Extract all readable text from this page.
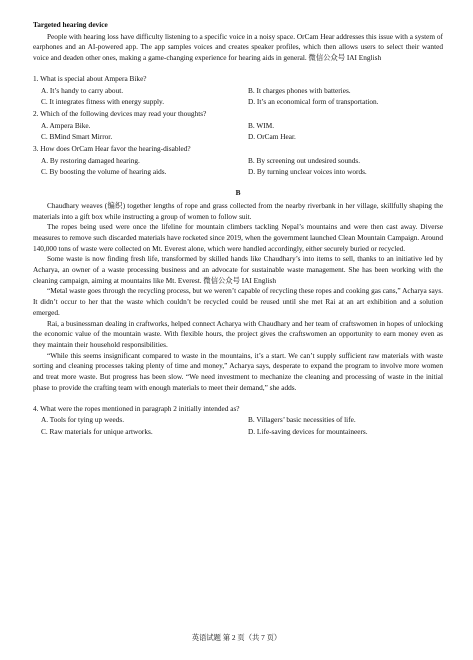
Targeted hearing device

People with hearing loss have difficulty listening to a specific voice in a noisy space. OrCam Hear addresses this issue with a system of earphones and an AI-powered app. The app samples voices and creates speaker profiles, which then allows users to select their wanted voice and deaden other ones, making a game-changing experience for hearing aids in general. 微信公众号 IAI English

1. What is special about Ampera Bike?
A. It’s handy to carry about.	B. It charges phones with batteries.
C. It integrates fitness with energy supply.	D. It’s an economical form of transportation.
2. Which of the following devices may read your thoughts?
A. Ampera Bike.	B. WIM.
C. BMind Smart Mirror.	D. OrCam Hear.
3. How does OrCam Hear favor the hearing-disabled?
A. By restoring damaged hearing.	B. By screening out undesired sounds.
C. By boosting the volume of hearing aids.	D. By turning unclear voices into words.
B

Chaudhary weaves (编织) together lengths of rope and grass collected from the nearby riverbank in her village, skillfully shaping the materials into a gift box while instructing a group of women to follow suit.

The ropes being used were once the lifeline for mountain climbers tackling Nepal’s mountains and were then cast away. Diverse measures to remove such discarded materials have rocketed since 2019, when the government launched Clean Mountain Campaign. Around 140,000 tons of waste were collected on Mt. Everest alone, which were handled accordingly, either securely buried or recycled.

Some waste is now finding fresh life, transformed by skilled hands like Chaudhary’s into items to sell, thanks to an initiative led by Acharya, an owner of a waste processing business and an advocate for sustainable waste management. She has been working with the cleaning campaign, aiming at mountains like Mt. Everest. 微信公众号 IAI English

“Metal waste goes through the recycling process, but we weren’t capable of recycling these ropes and cooking gas cans,” Acharya says. It didn’t occur to her that the waste which couldn’t be recycled could be reused until she met Rai at an art exhibition and a solution emerged.

Rai, a businessman dealing in craftworks, helped connect Acharya with Chaudhary and her team of craftswomen in hopes of unlocking the economic value of the mountain waste. With flexible hours, the project gives the craftswomen an opportunity to earn money even as they maintain their household responsibilities.

“While this seems insignificant compared to waste in the mountains, it’s a start. We can’t supply sufficient raw materials with waste sorting and cleaning processes taking plenty of time and money,” Acharya says, desperate to expand the program to involve more women and treat more waste. But progress has been slow. “We need investment to mechanize the cleaning and processing of waste in the initial phase to provide the crafting team with enough materials to meet their demand,” she adds.

4. What were the ropes mentioned in paragraph 2 initially intended as?
A. Tools for tying up weeds.	B. Villagers’ basic necessities of life.
C. Raw materials for unique artworks.	D. Life-saving devices for mountaineers.
英语试题 第 2 页（共 7 页）
